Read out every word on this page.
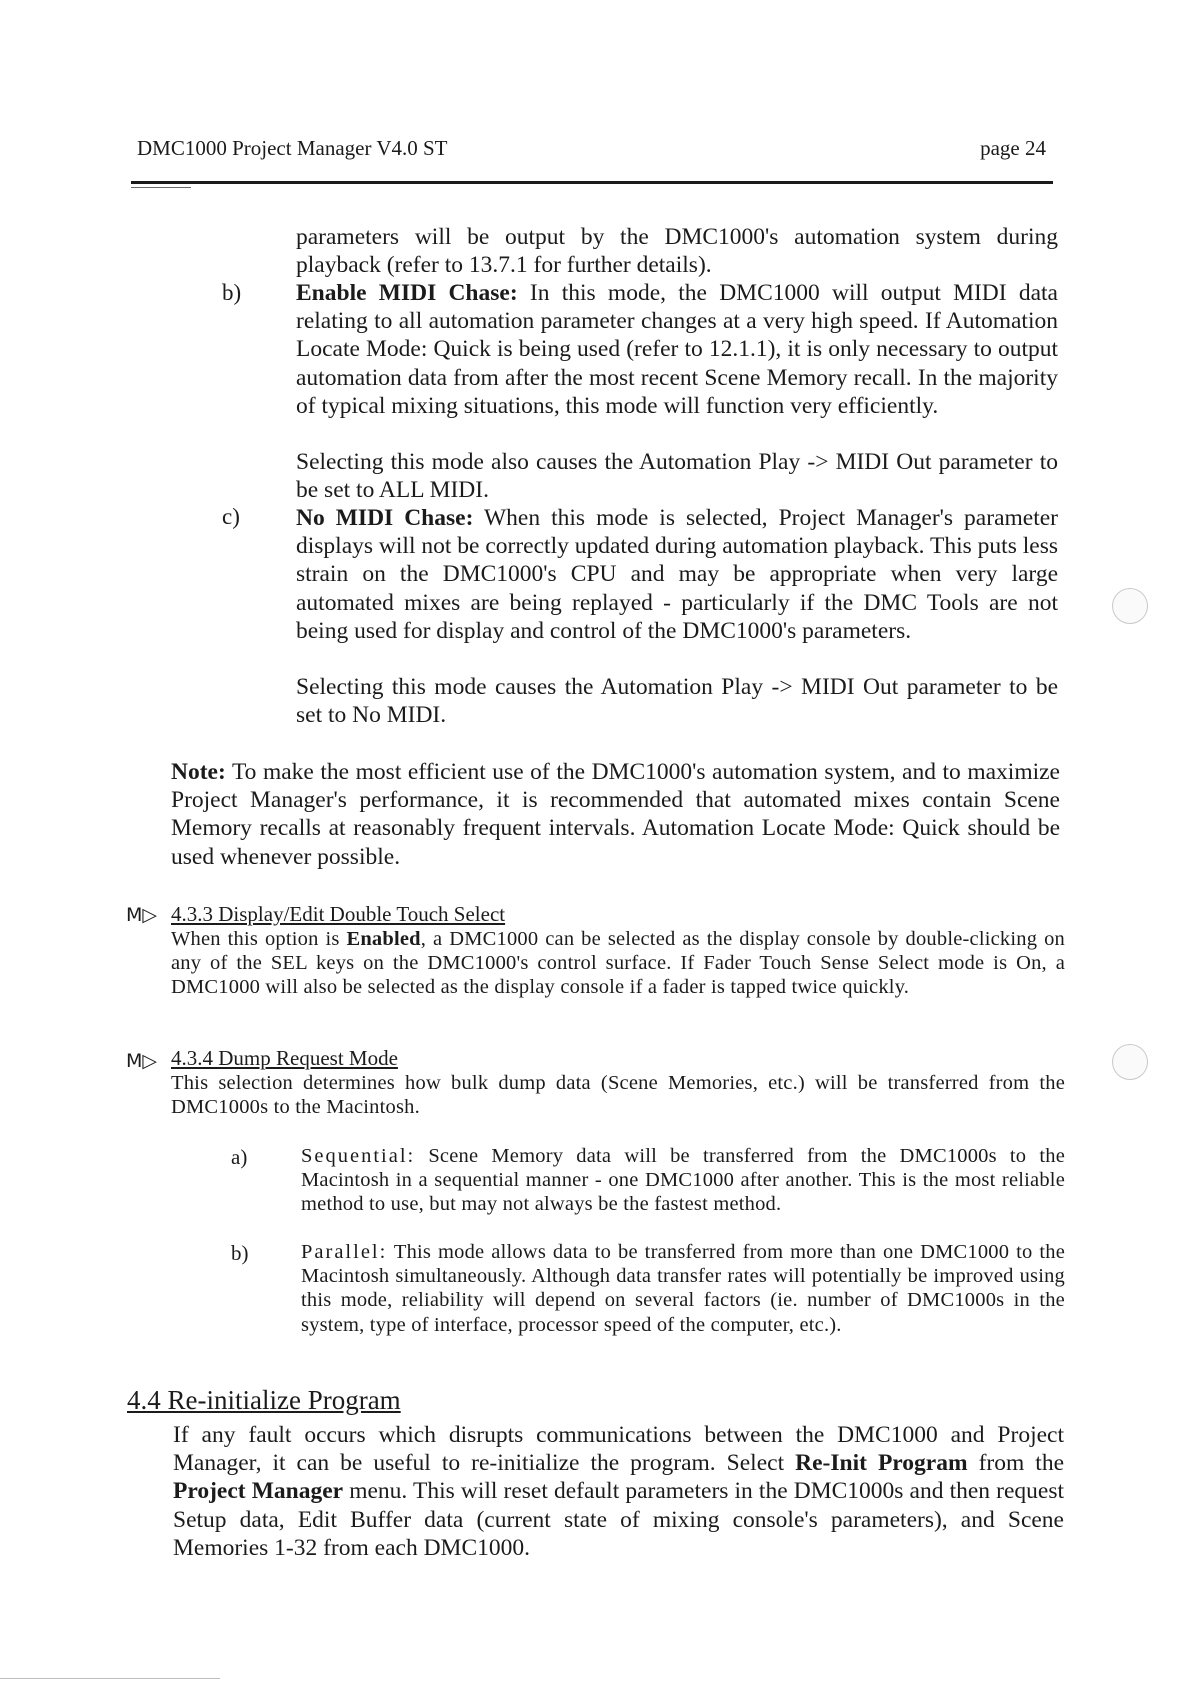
DMC1000 Project Manager V4.0 ST	page 24
parameters will be output by the DMC1000's automation system during playback (refer to 13.7.1 for further details).
b) Enable MIDI Chase: In this mode, the DMC1000 will output MIDI data relating to all automation parameter changes at a very high speed. If Automation Locate Mode: Quick is being used (refer to 12.1.1), it is only necessary to output automation data from after the most recent Scene Memory recall. In the majority of typical mixing situations, this mode will function very efficiently.
Selecting this mode also causes the Automation Play -> MIDI Out parameter to be set to ALL MIDI.
c) No MIDI Chase: When this mode is selected, Project Manager's parameter displays will not be correctly updated during automation playback. This puts less strain on the DMC1000's CPU and may be appropriate when very large automated mixes are being replayed - particularly if the DMC Tools are not being used for display and control of the DMC1000's parameters.
Selecting this mode causes the Automation Play -> MIDI Out parameter to be set to No MIDI.
Note: To make the most efficient use of the DMC1000's automation system, and to maximize Project Manager's performance, it is recommended that automated mixes contain Scene Memory recalls at reasonably frequent intervals. Automation Locate Mode: Quick should be used whenever possible.
M▷ 4.3.3 Display/Edit Double Touch Select
When this option is Enabled, a DMC1000 can be selected as the display console by double-clicking on any of the SEL keys on the DMC1000's control surface. If Fader Touch Sense Select mode is On, a DMC1000 will also be selected as the display console if a fader is tapped twice quickly.
M▷ 4.3.4 Dump Request Mode
This selection determines how bulk dump data (Scene Memories, etc.) will be transferred from the DMC1000s to the Macintosh.
a)	Sequential: Scene Memory data will be transferred from the DMC1000s to the Macintosh in a sequential manner - one DMC1000 after another. This is the most reliable method to use, but may not always be the fastest method.
b)	Parallel: This mode allows data to be transferred from more than one DMC1000 to the Macintosh simultaneously. Although data transfer rates will potentially be improved using this mode, reliability will depend on several factors (ie. number of DMC1000s in the system, type of interface, processor speed of the computer, etc.).
4.4 Re-initialize Program
If any fault occurs which disrupts communications between the DMC1000 and Project Manager, it can be useful to re-initialize the program. Select Re-Init Program from the Project Manager menu. This will reset default parameters in the DMC1000s and then request Setup data, Edit Buffer data (current state of mixing console's parameters), and Scene Memories 1-32 from each DMC1000.
